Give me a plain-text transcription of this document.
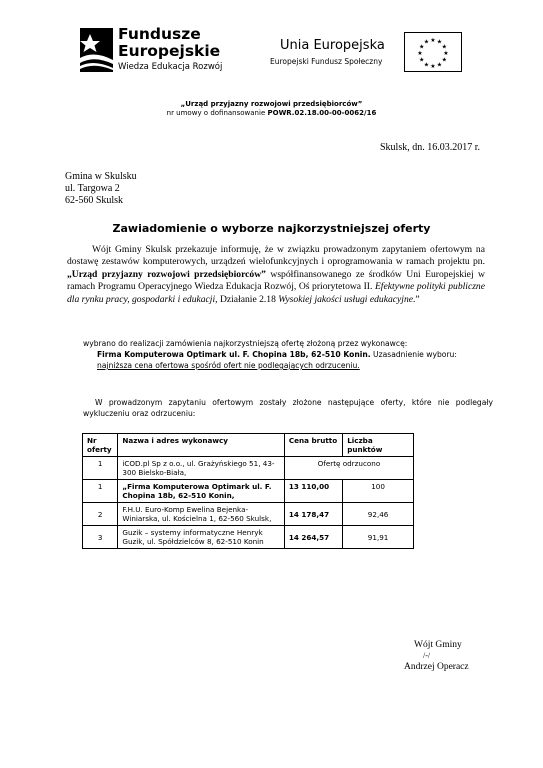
Fundusze
Europejskie
Wiedza Edukacja Rozwój
Unia Europejska
Europejski Fundusz Społeczny
★ ★
★
★
★
★
★
★
★
★
★
★
„Urząd przyjazny rozwojowi przedsiębiorców”
nr umowy o dofinansowanie POWR.02.18.00-00-0062/16
Skulsk, dn. 16.03.2017 r.
Gmina w Skulsku
ul. Targowa 2
62-560 Skulsk
Zawiadomienie o wyborze najkorzystniejszej oferty
Wójt Gminy Skulsk przekazuje informuję, że w związku prowadzonym zapytaniem ofertowym na dostawę zestawów komputerowych, urządzeń wielofunkcyjnych i oprogramowania w ramach projektu pn. „Urząd przyjazny rozwojowi przedsiębiorców” współfinansowanego ze środków Uni Europejskiej w ramach Programu Operacyjnego Wiedza Edukacja Rozwój, Oś priorytetowa II. Efektywne polityki publiczne dla rynku pracy, gospodarki i edukacji, Działanie 2.18 Wysokiej jakości usługi edukacyjne.”
wybrano do realizacji zamówienia najkorzystniejszą ofertę złożoną przez wykonawcę:
Firma Komputerowa Optimark ul. F. Chopina 18b, 62-510 Konin. Uzasadnienie wyboru:
najniższa cena ofertowa spośród ofert nie podlegających odrzuceniu.
W prowadzonym zapytaniu ofertowym zostały złożone następujące oferty, które nie podlegały wykluczeniu oraz odrzuceniu:
Nr oferty	Nazwa i adres wykonawcy	Cena brutto	Liczba punktów
1	iCOD.pl Sp z o.o., ul. Grażyńskiego 51, 43-300 Bielsko-Biała,	Ofertę odrzucono	
1	„Firma Komputerowa Optimark ul. F. Chopina 18b, 62-510 Konin,	13 110,00	100
2	F.H.U. Euro-Komp Ewelina Bejenka-Winiarska, ul. Kościelna 1, 62-560 Skulsk,	14 178,47	92,46
3	Guzik – systemy informatyczne Henryk Guzik, ul. Spółdzielców 8, 62-510 Konin	14 264,57	91,91
Wójt Gminy
/-/
Andrzej Operacz
